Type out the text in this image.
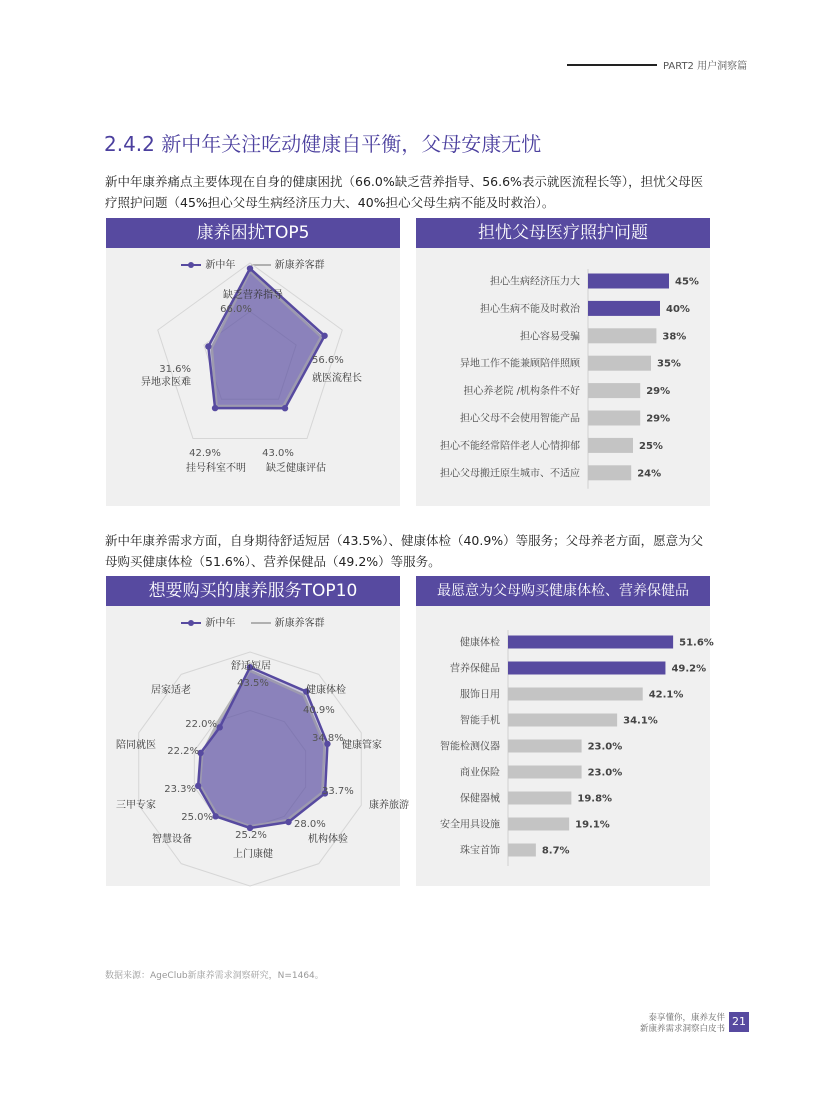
PART2 用户洞察篇
2.4.2 新中年关注吃动健康自平衡，父母安康无忧
新中年康养痛点主要体现在自身的健康困扰（66.0%缺乏营养指导、56.6%表示就医流程长等），担忧父母医疗照护问题（45%担心父母生病经济压力大、40%担心父母生病不能及时救治）。
康养困扰TOP5
新中年	新康养客群
缺乏营养指导
就医流程长
缺乏健康评估
挂号科室不明
异地求医难
66.0%
56.6%
43.0%
42.9%
31.6%
担忧父母医疗照护问题
担心生病经济压力大	45%
担心生病不能及时救治	40%
担心容易受骗	38%
异地工作不能兼顾陪伴照顾	35%
担心养老院 /机构条件不好	29%
担心父母不会使用智能产品	29%
担心不能经常陪伴老人心情抑郁	25%
担心父母搬迁原生城市、不适应	24%
新中年康养需求方面，自身期待舒适短居（43.5%）、健康体检（40.9%）等服务；父母养老方面，愿意为父母购买健康体检（51.6%）、营养保健品（49.2%）等服务。
想要购买的康养服务TOP10
新中年	新康养客群
舒适短居
健康体检
健康管家
康养旅游
机构体验
上门康健
智慧设备
三甲专家
陪同就医
居家适老
43.5%
40.9%
34.8%
33.7%
28.0%
25.2%
25.0%
23.3%
22.2%
22.0%
最愿意为父母购买健康体检、营养保健品
健康体检	51.6%
营养保健品	49.2%
服饰日用	42.1%
智能手机	34.1%
智能检测仪器	23.0%
商业保险	23.0%
保健器械	19.8%
安全用具设施	19.1%
珠宝首饰	8.7%
数据来源：AgeClub新康养需求洞察研究，N=1464。
泰享懂你，康养友伴
新康养需求洞察白皮书
21
